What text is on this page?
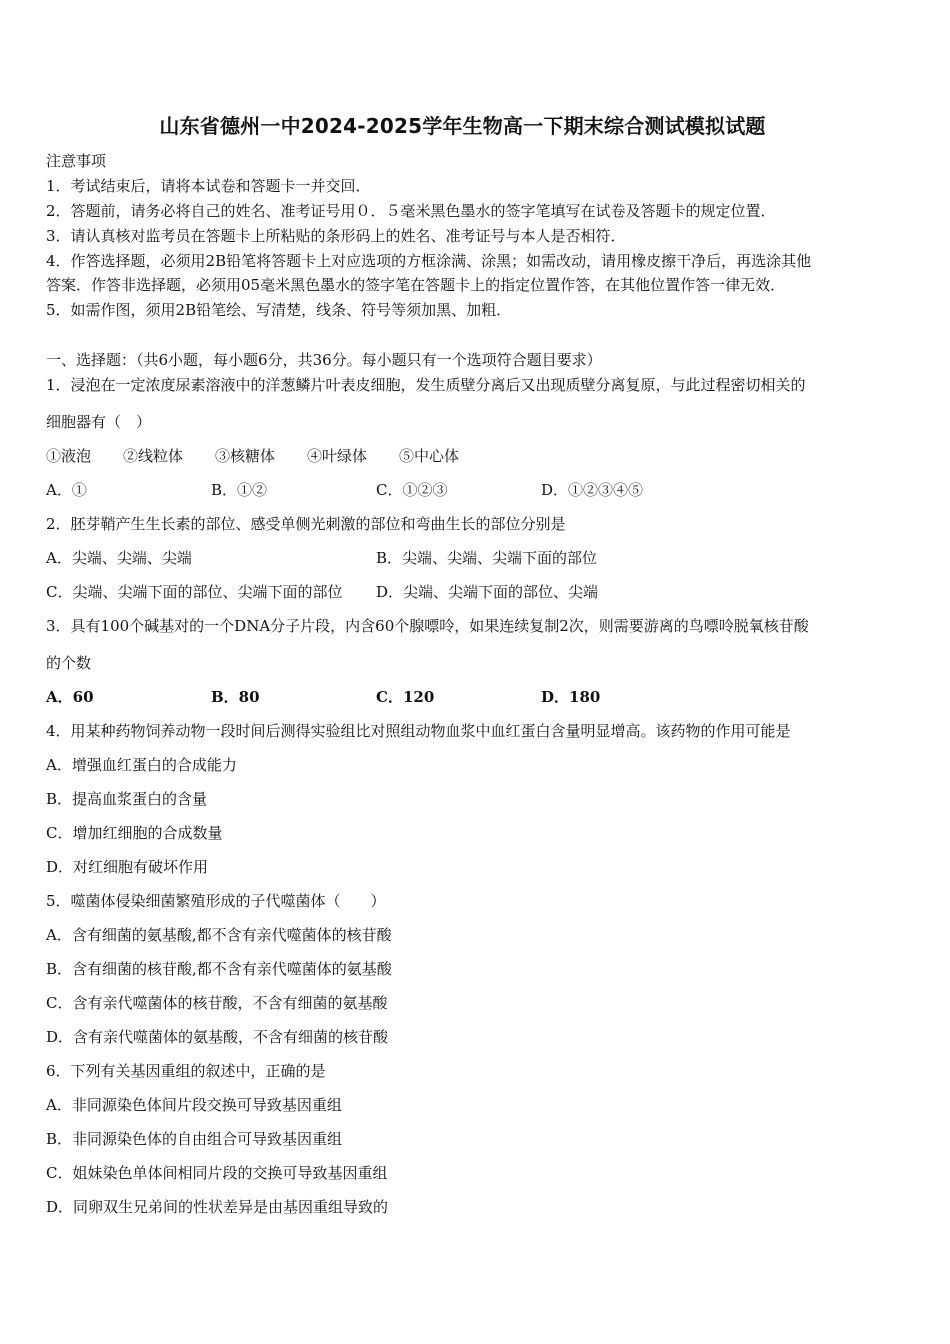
山东省德州一中2024-2025学年生物高一下期末综合测试模拟试题
注意事项
1．考试结束后，请将本试卷和答题卡一并交回．
2．答题前，请务必将自己的姓名、准考证号用０．５毫米黑色墨水的签字笔填写在试卷及答题卡的规定位置．
3．请认真核对监考员在答题卡上所粘贴的条形码上的姓名、准考证号与本人是否相符．
4．作答选择题，必须用2B铅笔将答题卡上对应选项的方框涂满、涂黑；如需改动，请用橡皮擦干净后，再选涂其他
答案．作答非选择题，必须用05毫米黑色墨水的签字笔在答题卡上的指定位置作答，在其他位置作答一律无效．
5．如需作图，须用2B铅笔绘、写清楚，线条、符号等须加黑、加粗．
一、选择题：（共6小题，每小题6分，共36分。每小题只有一个选项符合题目要求）
1．浸泡在一定浓度尿素溶液中的洋葱鳞片叶表皮细胞，发生质壁分离后又出现质壁分离复原，与此过程密切相关的
细胞器有（　）
①液泡 ②线粒体 ③核糖体 ④叶绿体 ⑤中心体
A．①	B．①②	C．①②③	D．①②③④⑤
2．胚芽鞘产生生长素的部位、感受单侧光刺激的部位和弯曲生长的部位分别是
A．尖端、尖端、尖端	B．尖端、尖端、尖端下面的部位
C．尖端、尖端下面的部位、尖端下面的部位 D．尖端、尖端下面的部位、尖端
3．具有100个碱基对的一个DNA分子片段，内含60个腺嘌呤，如果连续复制2次，则需要游离的鸟嘌呤脱氧核苷酸
的个数
A．60	B．80	C．120	D．180
4．用某种药物饲养动物一段时间后测得实验组比对照组动物血浆中血红蛋白含量明显增高。该药物的作用可能是
A．增强血红蛋白的合成能力
B．提高血浆蛋白的含量
C．增加红细胞的合成数量
D．对红细胞有破坏作用
5．噬菌体侵染细菌繁殖形成的子代噬菌体（　　）
A．含有细菌的氨基酸,都不含有亲代噬菌体的核苷酸
B．含有细菌的核苷酸,都不含有亲代噬菌体的氨基酸
C．含有亲代噬菌体的核苷酸，不含有细菌的氨基酸
D．含有亲代噬菌体的氨基酸，不含有细菌的核苷酸
6．下列有关基因重组的叙述中，正确的是
A．非同源染色体间片段交换可导致基因重组
B．非同源染色体的自由组合可导致基因重组
C．姐妹染色单体间相同片段的交换可导致基因重组
D．同卵双生兄弟间的性状差异是由基因重组导致的
